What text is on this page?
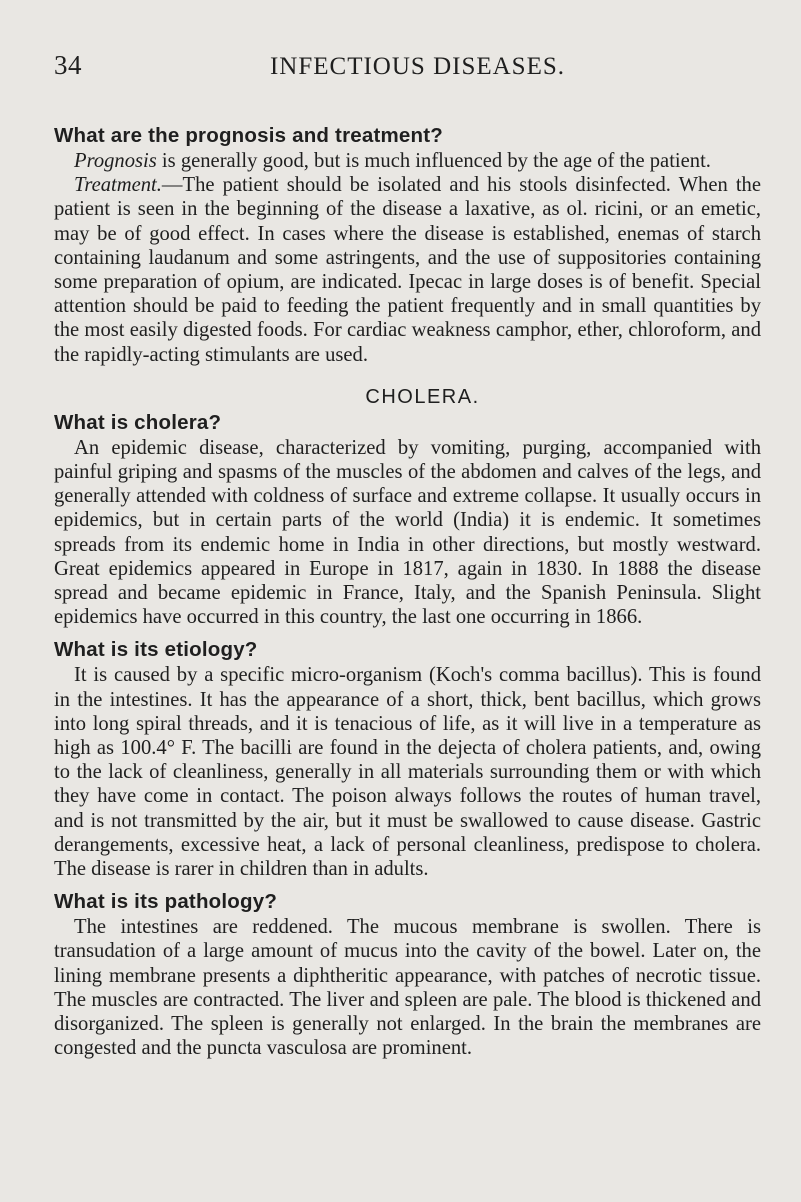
34	INFECTIOUS DISEASES.

What are the prognosis and treatment?

Prognosis is generally good, but is much influenced by the age of the patient.

Treatment.—The patient should be isolated and his stools disinfected. When the patient is seen in the beginning of the disease a laxative, as ol. ricini, or an emetic, may be of good effect. In cases where the disease is established, enemas of starch containing laudanum and some astringents, and the use of suppositories containing some preparation of opium, are indicated. Ipecac in large doses is of benefit. Special attention should be paid to feeding the patient frequently and in small quantities by the most easily digested foods. For cardiac weakness camphor, ether, chloroform, and the rapidly-acting stimulants are used.

CHOLERA.

What is cholera?

An epidemic disease, characterized by vomiting, purging, accompanied with painful griping and spasms of the muscles of the abdomen and calves of the legs, and generally attended with coldness of surface and extreme collapse. It usually occurs in epidemics, but in certain parts of the world (India) it is endemic. It sometimes spreads from its endemic home in India in other directions, but mostly westward. Great epidemics appeared in Europe in 1817, again in 1830. In 1888 the disease spread and became epidemic in France, Italy, and the Spanish Peninsula. Slight epidemics have occurred in this country, the last one occurring in 1866.

What is its etiology?

It is caused by a specific micro-organism (Koch's comma bacillus). This is found in the intestines. It has the appearance of a short, thick, bent bacillus, which grows into long spiral threads, and it is tenacious of life, as it will live in a temperature as high as 100.4° F. The bacilli are found in the dejecta of cholera patients, and, owing to the lack of cleanliness, generally in all materials surrounding them or with which they have come in contact. The poison always follows the routes of human travel, and is not transmitted by the air, but it must be swallowed to cause disease. Gastric derangements, excessive heat, a lack of personal cleanliness, predispose to cholera. The disease is rarer in children than in adults.

What is its pathology?

The intestines are reddened. The mucous membrane is swollen. There is transudation of a large amount of mucus into the cavity of the bowel. Later on, the lining membrane presents a diphtheritic appearance, with patches of necrotic tissue. The muscles are contracted. The liver and spleen are pale. The blood is thickened and disorganized. The spleen is generally not enlarged. In the brain the membranes are congested and the puncta vasculosa are prominent.
